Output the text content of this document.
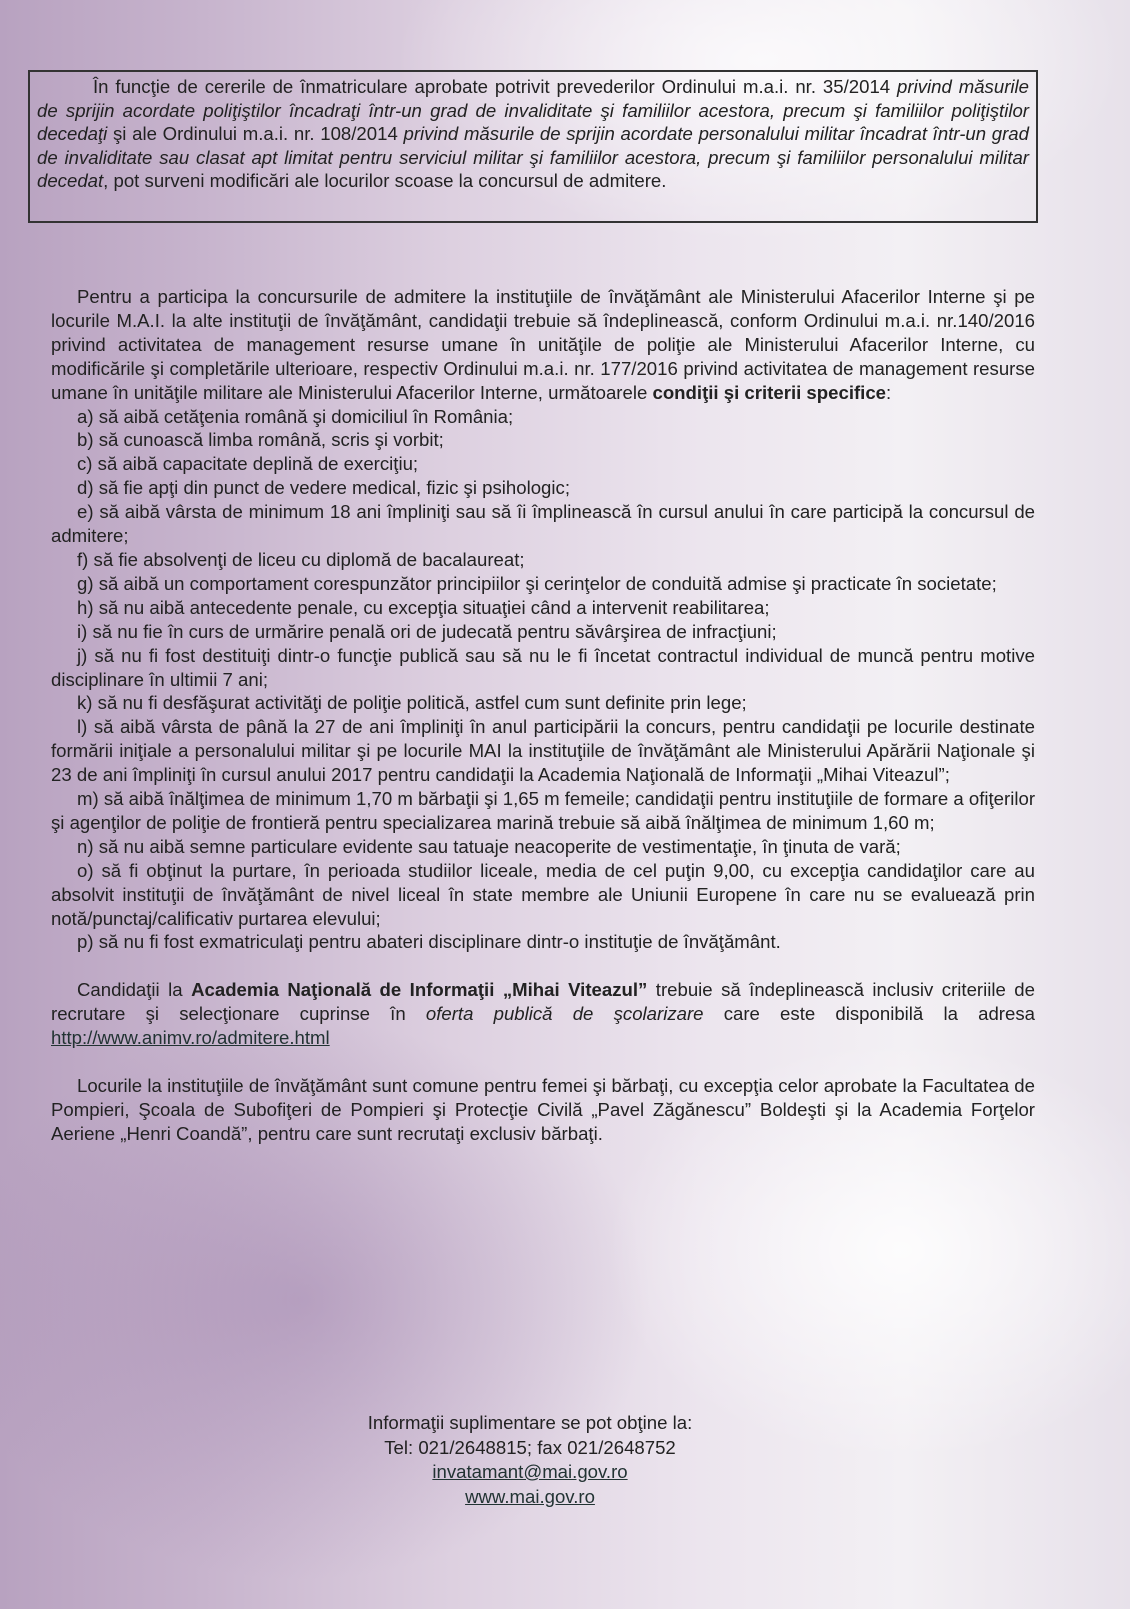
În funcţie de cererile de înmatriculare aprobate potrivit prevederilor Ordinului m.a.i. nr. 35/2014 privind măsurile de sprijin acordate poliţiştilor încadraţi într-un grad de invaliditate şi familiilor acestora, precum şi familiilor poliţiştilor decedaţi şi ale Ordinului m.a.i. nr. 108/2014 privind măsurile de sprijin acordate personalului militar încadrat într-un grad de invaliditate sau clasat apt limitat pentru serviciul militar şi familiilor acestora, precum şi familiilor personalului militar decedat, pot surveni modificări ale locurilor scoase la concursul de admitere.

Pentru a participa la concursurile de admitere la instituţiile de învăţământ ale Ministerului Afacerilor Interne şi pe locurile M.A.I. la alte instituţii de învăţământ, candidaţii trebuie să îndeplinească, conform Ordinului m.a.i. nr.140/2016 privind activitatea de management resurse umane în unităţile de poliţie ale Ministerului Afacerilor Interne, cu modificările şi completările ulterioare, respectiv Ordinului m.a.i. nr. 177/2016 privind activitatea de management resurse umane în unităţile militare ale Ministerului Afacerilor Interne, următoarele condiţii şi criterii specifice:

a) să aibă cetăţenia română şi domiciliul în România;

b) să cunoască limba română, scris şi vorbit;

c) să aibă capacitate deplină de exerciţiu;

d) să fie apţi din punct de vedere medical, fizic şi psihologic;

e) să aibă vârsta de minimum 18 ani împliniţi sau să îi împlinească în cursul anului în care participă la concursul de admitere;

f) să fie absolvenţi de liceu cu diplomă de bacalaureat;

g) să aibă un comportament corespunzător principiilor şi cerinţelor de conduită admise şi practicate în societate;

h) să nu aibă antecedente penale, cu excepţia situaţiei când a intervenit reabilitarea;

i) să nu fie în curs de urmărire penală ori de judecată pentru săvârşirea de infracţiuni;

j) să nu fi fost destituiţi dintr-o funcţie publică sau să nu le fi încetat contractul individual de muncă pentru motive disciplinare în ultimii 7 ani;

k) să nu fi desfăşurat activităţi de poliţie politică, astfel cum sunt definite prin lege;

l) să aibă vârsta de până la 27 de ani împliniţi în anul participării la concurs, pentru candidaţii pe locurile destinate formării iniţiale a personalului militar şi pe locurile MAI la instituţiile de învăţământ ale Ministerului Apărării Naţionale şi 23 de ani împliniţi în cursul anului 2017 pentru candidaţii la Academia Naţională de Informaţii „Mihai Viteazul”;

m) să aibă înălţimea de minimum 1,70 m bărbaţii şi 1,65 m femeile; candidaţii pentru instituţiile de formare a ofiţerilor şi agenţilor de poliţie de frontieră pentru specializarea marină trebuie să aibă înălţimea de minimum 1,60 m;

n) să nu aibă semne particulare evidente sau tatuaje neacoperite de vestimentaţie, în ţinuta de vară;

o) să fi obţinut la purtare, în perioada studiilor liceale, media de cel puţin 9,00, cu excepţia candidaţilor care au absolvit instituţii de învăţământ de nivel liceal în state membre ale Uniunii Europene în care nu se evaluează prin notă/punctaj/calificativ purtarea elevului;

p) să nu fi fost exmatriculaţi pentru abateri disciplinare dintr-o instituţie de învăţământ.

Candidaţii la Academia Naţională de Informaţii „Mihai Viteazul” trebuie să îndeplinească inclusiv criteriile de recrutare şi selecţionare cuprinse în oferta publică de şcolarizare care este disponibilă la adresa http://www.animv.ro/admitere.html

Locurile la instituţiile de învăţământ sunt comune pentru femei şi bărbaţi, cu excepţia celor aprobate la Facultatea de Pompieri, Şcoala de Subofiţeri de Pompieri şi Protecţie Civilă „Pavel Zăgănescu” Boldeşti şi la Academia Forţelor Aeriene „Henri Coandă”, pentru care sunt recrutaţi exclusiv bărbaţi.

Informaţii suplimentare se pot obţine la:

Tel: 021/2648815; fax 021/2648752

invatamant@mai.gov.ro

www.mai.gov.ro
